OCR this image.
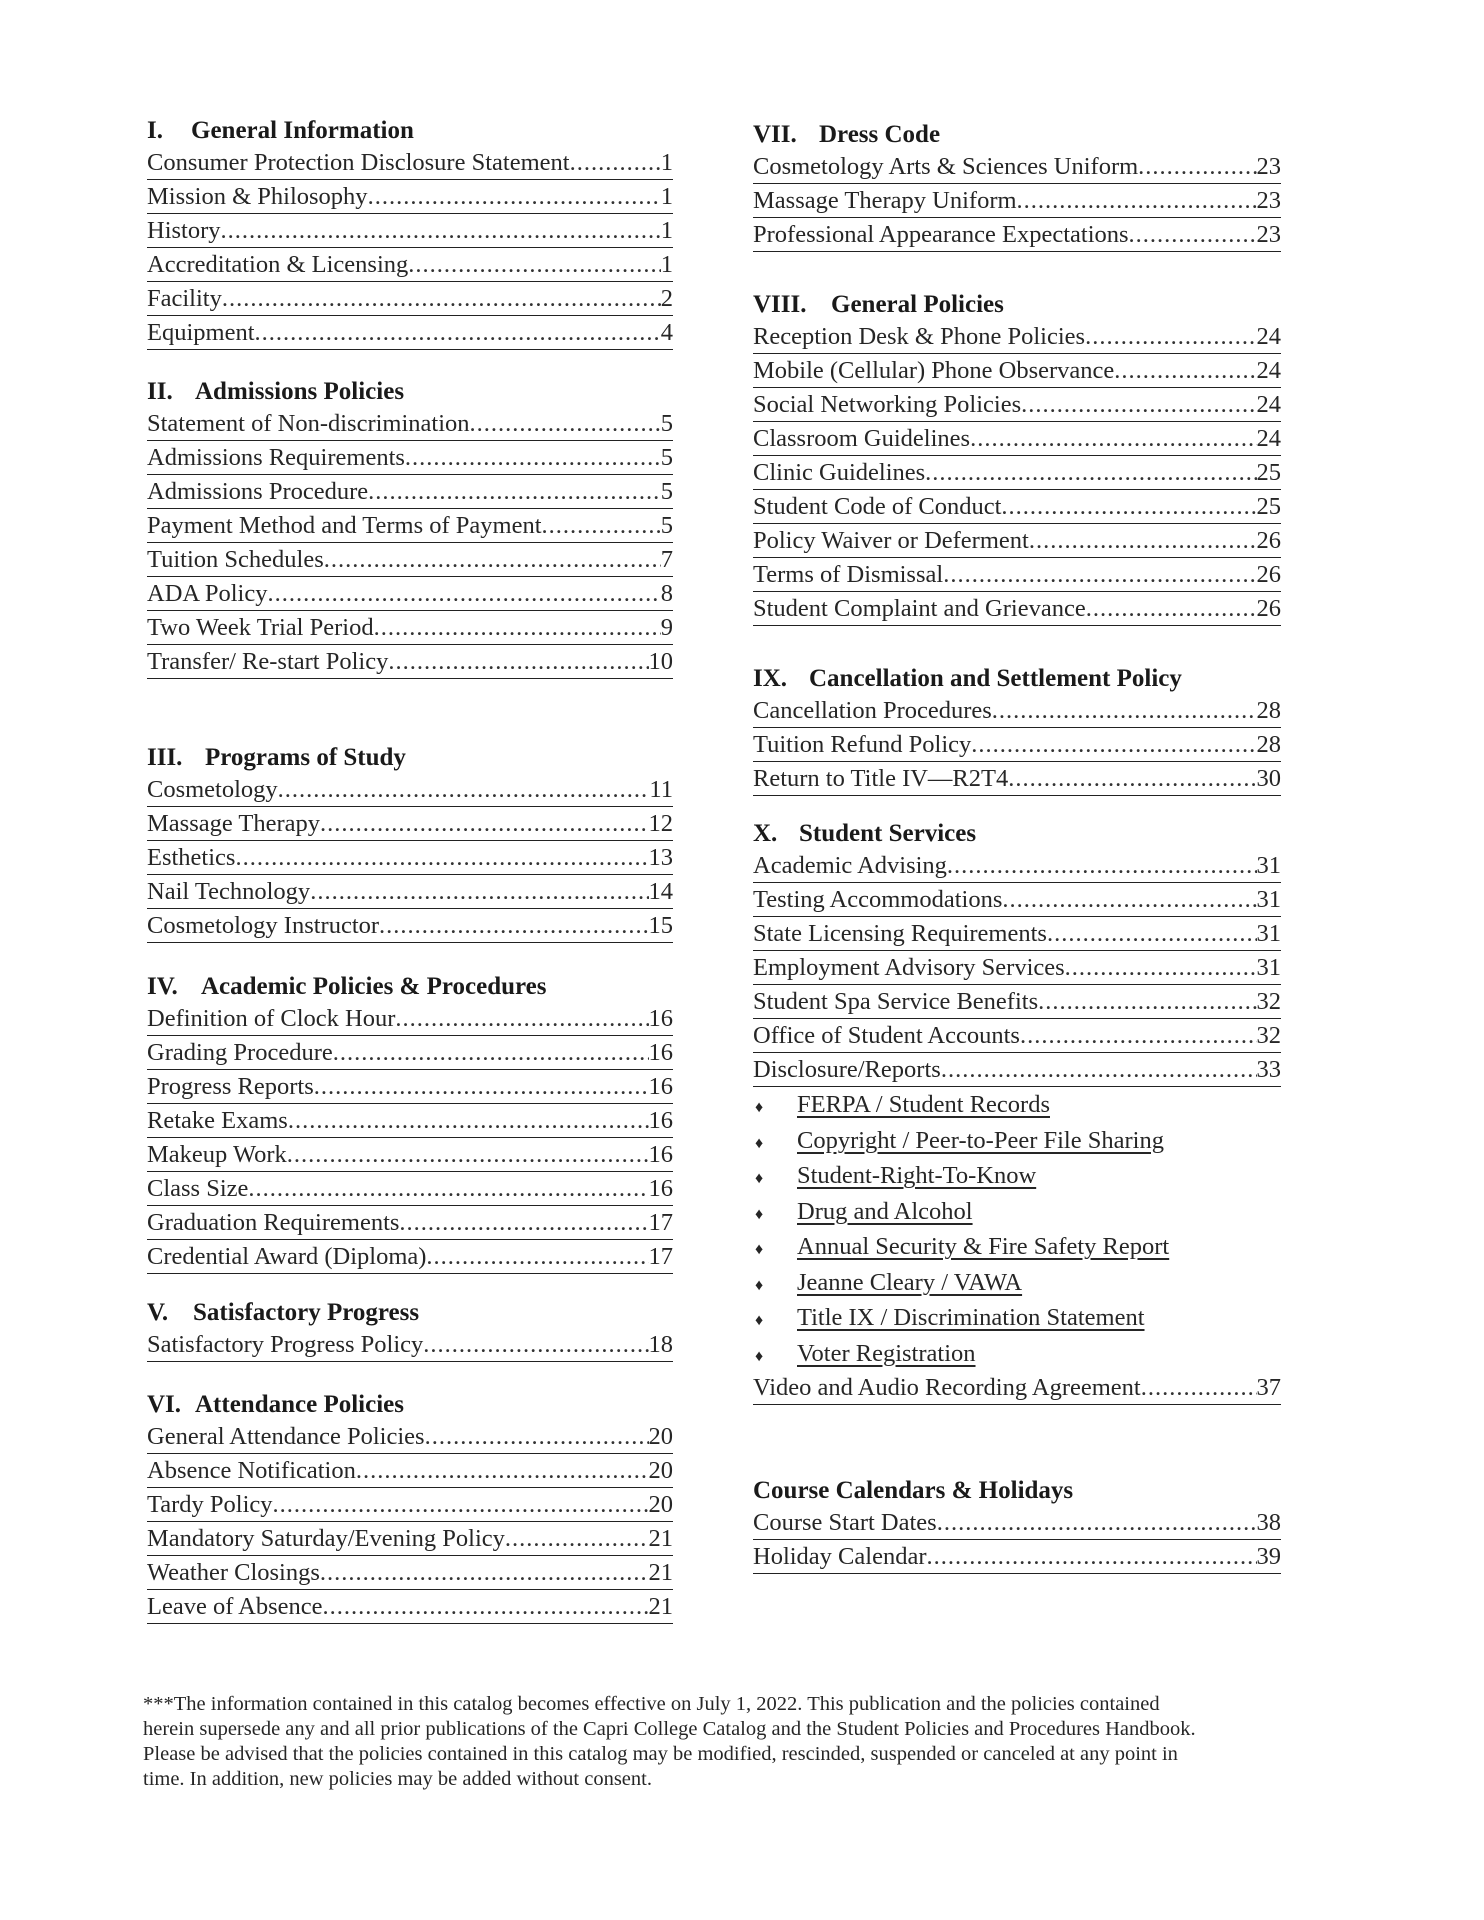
I. General Information
Consumer Protection Disclosure Statement .....	1
Mission & Philosophy .....	1
History .....	1
Accreditation & Licensing .....	1
Facility .....	2
Equipment .....	4
II. Admissions Policies
Statement of Non-discrimination .....	5
Admissions Requirements .....	5
Admissions Procedure .....	5
Payment Method and Terms of Payment .....	5
Tuition Schedules .....	7
ADA Policy .....	8
Two Week Trial Period .....	9
Transfer/ Re-start Policy .....	10
III. Programs of Study
Cosmetology .....	11
Massage Therapy .....	12
Esthetics .....	13
Nail Technology .....	14
Cosmetology Instructor .....	15
IV. Academic Policies & Procedures
Definition of Clock Hour .....	16
Grading Procedure .....	16
Progress Reports .....	16
Retake Exams .....	16
Makeup Work .....	16
Class Size .....	16
Graduation Requirements .....	17
Credential Award (Diploma) .....	17
V. Satisfactory Progress
Satisfactory Progress Policy .....	18
VI. Attendance Policies
General Attendance Policies .....	20
Absence Notification .....	20
Tardy Policy .....	20
Mandatory Saturday/Evening Policy .....	21
Weather Closings .....	21
Leave of Absence .....	21
VII. Dress Code
Cosmetology Arts & Sciences Uniform .....	23
Massage Therapy Uniform .....	23
Professional Appearance Expectations .....	23
VIII. General Policies
Reception Desk & Phone Policies .....	24
Mobile (Cellular) Phone Observance .....	24
Social Networking Policies .....	24
Classroom Guidelines .....	24
Clinic Guidelines .....	25
Student Code of Conduct .....	25
Policy Waiver or Deferment .....	26
Terms of Dismissal .....	26
Student Complaint and Grievance .....	26
IX. Cancellation and Settlement Policy
Cancellation Procedures .....	28
Tuition Refund Policy .....	28
Return to Title IV—R2T4 .....	30
X. Student Services
Academic Advising .....	31
Testing Accommodations .....	31
State Licensing Requirements .....	31
Employment Advisory Services .....	31
Student Spa Service Benefits .....	32
Office of Student Accounts .....	32
Disclosure/Reports .....	33
♦	FERPA / Student Records
♦	Copyright / Peer-to-Peer File Sharing
♦	Student-Right-To-Know
♦	Drug and Alcohol
♦	Annual Security & Fire Safety Report
♦	Jeanne Cleary / VAWA
♦	Title IX / Discrimination Statement
♦	Voter Registration
Video and Audio Recording Agreement .....	37
Course Calendars & Holidays
Course Start Dates .....	38
Holiday Calendar .....	39

***The information contained in this catalog becomes effective on July 1, 2022. This publication and the policies contained

herein supersede any and all prior publications of the Capri College Catalog and the Student Policies and Procedures Handbook.

Please be advised that the policies contained in this catalog may be modified, rescinded, suspended or canceled at any point in

time. In addition, new policies may be added without consent.
